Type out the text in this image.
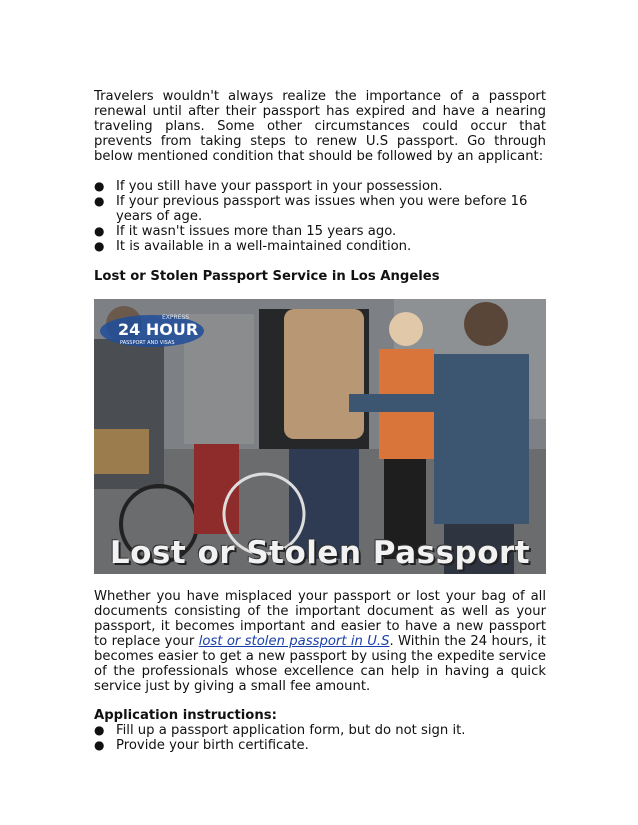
Travelers wouldn't always realize the importance of a passport renewal until after their passport has expired and have a nearing traveling plans. Some other circumstances could occur that prevents from taking steps to renew U.S passport. Go through below mentioned condition that should be followed by an applicant:

● If you still have your passport in your possession.
● If your previous passport was issues when you were before 16 years of age.
● If it wasn't issues more than 15 years ago.
● It is available in a well-maintained condition.

Lost or Stolen Passport Service in Los Angeles

EXPRESS
24 HOUR
PASSPORT AND VISAS
Lost or Stolen Passport

Whether you have misplaced your passport or lost your bag of all documents consisting of the important document as well as your passport, it becomes important and easier to have a new passport to replace your lost or stolen passport in U.S. Within the 24 hours, it becomes easier to get a new passport by using the expedite service of the professionals whose excellence can help in having a quick service just by giving a small fee amount.

Application instructions:

● Fill up a passport application form, but do not sign it.
● Provide your birth certificate.
